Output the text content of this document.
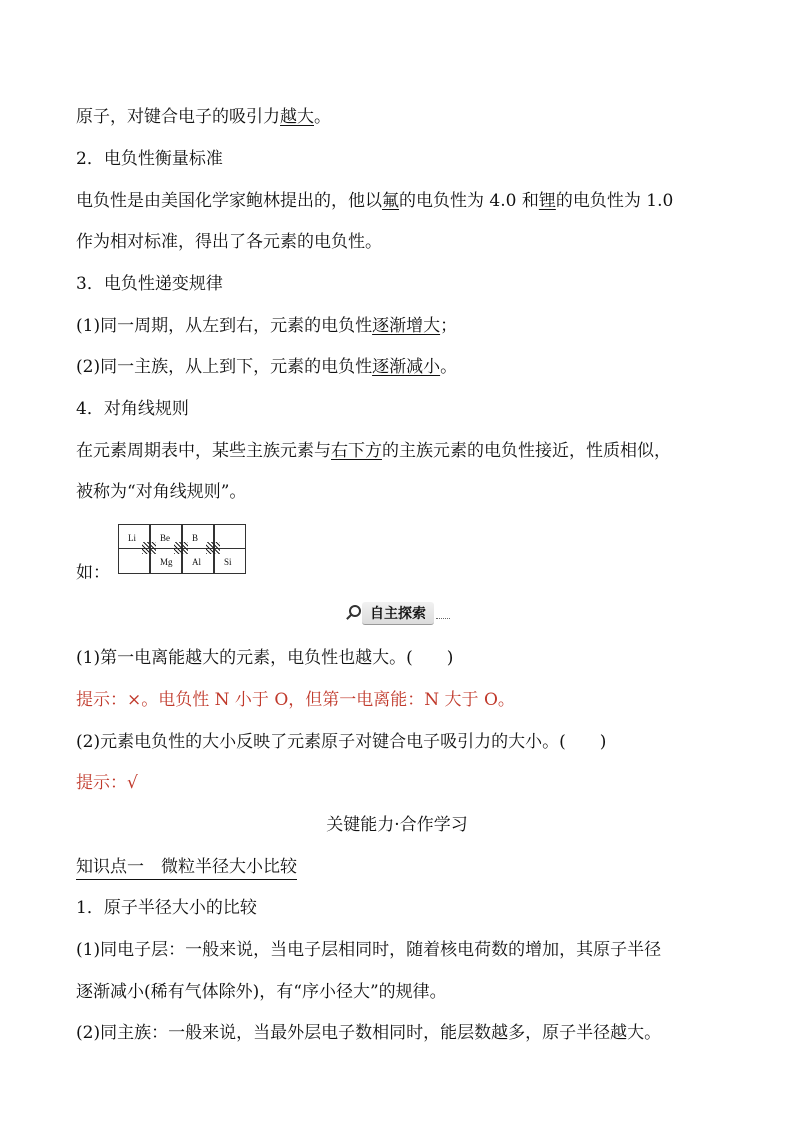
原子，对键合电子的吸引力越大。
2．电负性衡量标准
电负性是由美国化学家鲍林提出的，他以氟的电负性为 4.0 和锂的电负性为 1.0
作为相对标准，得出了各元素的电负性。
3．电负性递变规律
(1)同一周期，从左到右，元素的电负性逐渐增大；
(2)同一主族，从上到下，元素的电负性逐渐减小。
4．对角线规则
在元素周期表中，某些主族元素与右下方的主族元素的电负性接近，性质相似，
被称为“对角线规则”。
如：
Li	Be B
Mg Al	Si
自主探索
(1)第一电离能越大的元素，电负性也越大。(　　)
提示：×。电负性 N 小于 O，但第一电离能：N 大于 O。
(2)元素电负性的大小反映了元素原子对键合电子吸引力的大小。(　　)
提示：√
关键能力·合作学习
知识点一　微粒半径大小比较
1．原子半径大小的比较
(1)同电子层：一般来说，当电子层相同时，随着核电荷数的增加，其原子半径
逐渐减小(稀有气体除外)，有“序小径大”的规律。
(2)同主族：一般来说，当最外层电子数相同时，能层数越多，原子半径越大。
